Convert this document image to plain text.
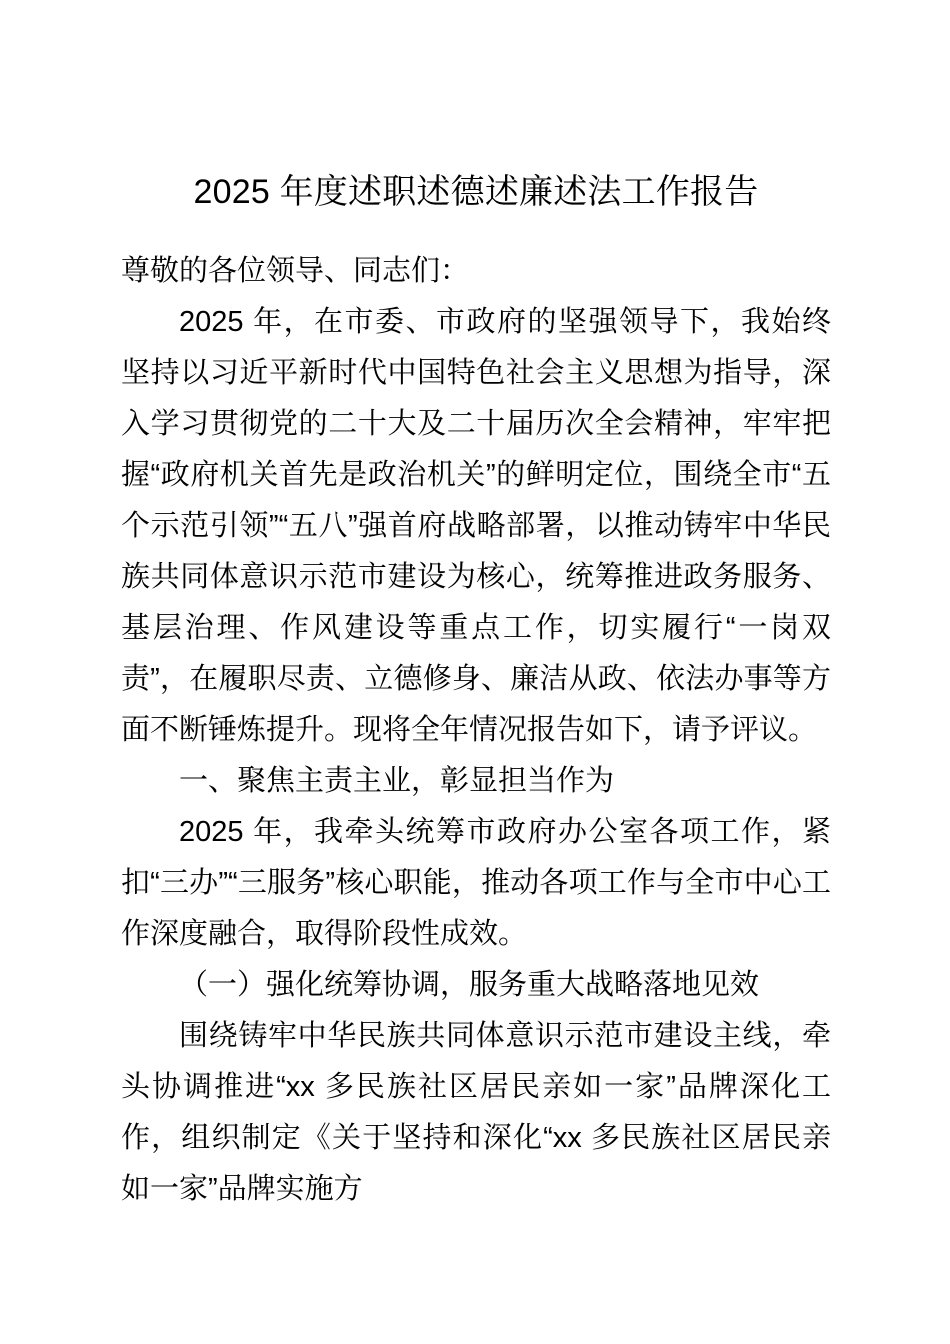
2025 年度述职述德述廉述法工作报告

尊敬的各位领导、同志们：

2025 年，在市委、市政府的坚强领导下，我始终坚持以习近平新时代中国特色社会主义思想为指导，深入学习贯彻党的二十大及二十届历次全会精神，牢牢把握“政府机关首先是政治机关”的鲜明定位，围绕全市“五个示范引领”“五八”强首府战略部署，以推动铸牢中华民族共同体意识示范市建设为核心，统筹推进政务服务、基层治理、作风建设等重点工作，切实履行“一岗双责”，在履职尽责、立德修身、廉洁从政、依法办事等方面不断锤炼提升。现将全年情况报告如下，请予评议。

一、聚焦主责主业，彰显担当作为

2025 年，我牵头统筹市政府办公室各项工作，紧扣“三办”“三服务”核心职能，推动各项工作与全市中心工作深度融合，取得阶段性成效。

（一）强化统筹协调，服务重大战略落地见效

围绕铸牢中华民族共同体意识示范市建设主线，牵头协调推进“xx 多民族社区居民亲如一家”品牌深化工作，组织制定《关于坚持和深化“xx 多民族社区居民亲如一家”品牌实施方
